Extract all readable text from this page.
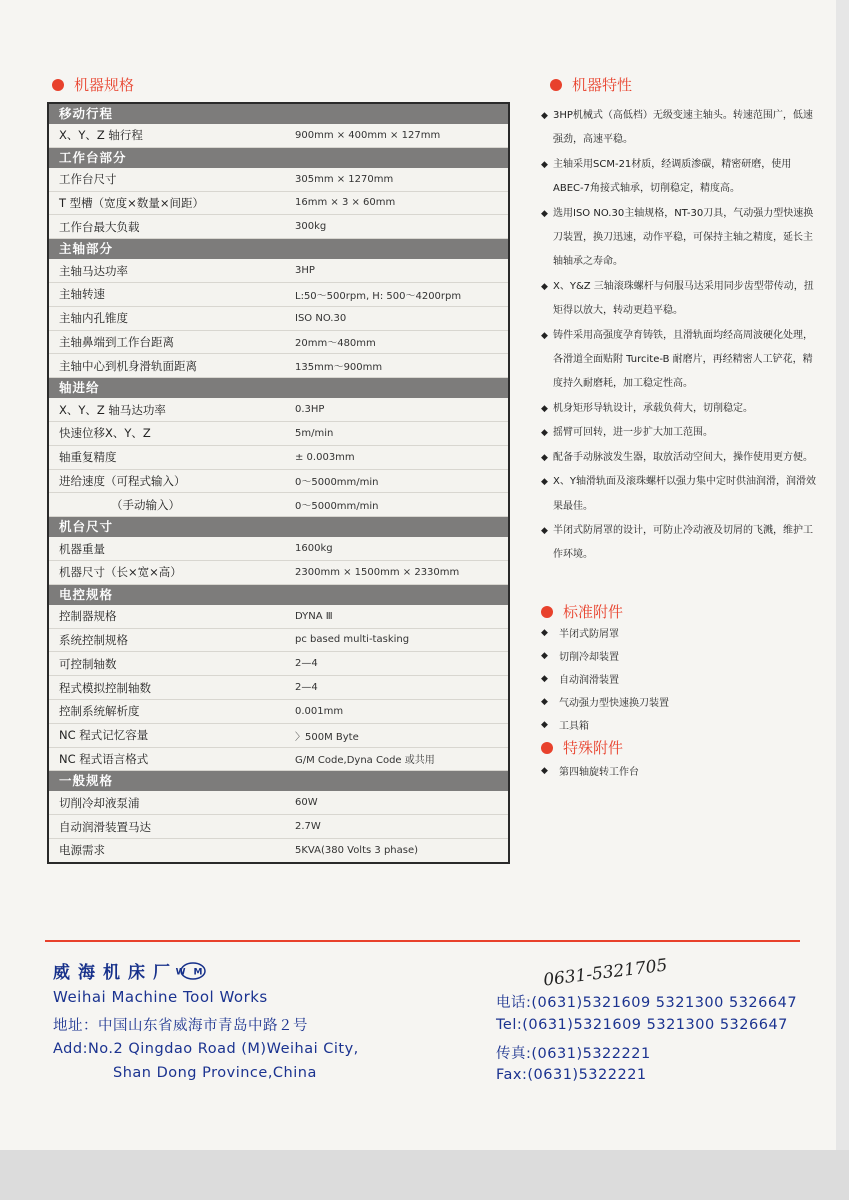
机器规格
移动行程
X、Y、Z 轴行程	900mm × 400mm × 127mm
工作台部分
工作台尺寸	305mm × 1270mm
T 型槽（宽度×数量×间距）	16mm × 3 × 60mm
工作台最大负载	300kg
主轴部分
主轴马达功率	3HP
主轴转速	L:50～500rpm, H: 500～4200rpm
主轴内孔锥度	ISO NO.30
主轴鼻端到工作台距离	20mm～480mm
主轴中心到机身滑轨面距离	135mm～900mm
轴进给
X、Y、Z 轴马达功率	0.3HP
快速位移X、Y、Z	5m/min
轴重复精度	± 0.003mm
进给速度（可程式输入）	0～5000mm/min
（手动输入）	0～5000mm/min
机台尺寸
机器重量	1600kg
机器尺寸（长×宽×高）	2300mm × 1500mm × 2330mm
电控规格
控制器规格	DYNA Ⅲ
系统控制规格	pc based multi-tasking
可控制轴数	2—4
程式模拟控制轴数	2—4
控制系统解析度	0.001mm
NC 程式记忆容量	〉500M Byte
NC 程式语言格式	G/M Code,Dyna Code 或共用
一般规格
切削冷却液泵浦	60W
自动润滑装置马达	2.7W
电源需求	5KVA(380 Volts 3 phase)
机器特性
◆ 3HP机械式（高低档）无级变速主轴头。转速范围广，低速强劲，高速平稳。
◆ 主轴采用SCM-21材质，经调质渗碳，精密研磨，使用ABEC-7角接式轴承，切削稳定，精度高。
◆ 选用ISO NO.30主轴规格，NT-30刀具，气动强力型快速换刀装置，换刀迅速，动作平稳，可保持主轴之精度，延长主轴轴承之寿命。
◆ X、Y&Z 三轴滚珠螺杆与伺服马达采用同步齿型带传动，扭矩得以放大，转动更趋平稳。
◆ 铸件采用高强度孕育铸铁，且滑轨面均经高周波硬化处理，各滑道全面贴附 Turcite-B 耐磨片，再经精密人工铲花，精度持久耐磨耗，加工稳定性高。
◆ 机身矩形导轨设计，承载负荷大，切削稳定。
◆ 摇臂可回转，进一步扩大加工范围。
◆ 配备手动脉波发生器，取放活动空间大，操作使用更方便。
◆ X、Y轴滑轨面及滚珠螺杆以强力集中定时供油润滑，润滑效果最佳。
◆ 半闭式防屑罩的设计，可防止冷动液及切屑的飞溅，维护工作环境。
标准附件
◆	半闭式防屑罩
◆	切削冷却装置
◆	自动润滑装置
◆	气动强力型快速换刀装置
◆	工具箱
特殊附件
◆	第四轴旋转工作台
威海机床厂
WM
Weihai Machine Tool Works
地址：中国山东省威海市青岛中路２号
Add:No.2 Qingdao Road (M)Weihai City,
Shan Dong Province,China
0631-5321705
电话:(0631)5321609 5321300 5326647
Tel:(0631)5321609 5321300 5326647
传真:(0631)5322221
Fax:(0631)5322221
